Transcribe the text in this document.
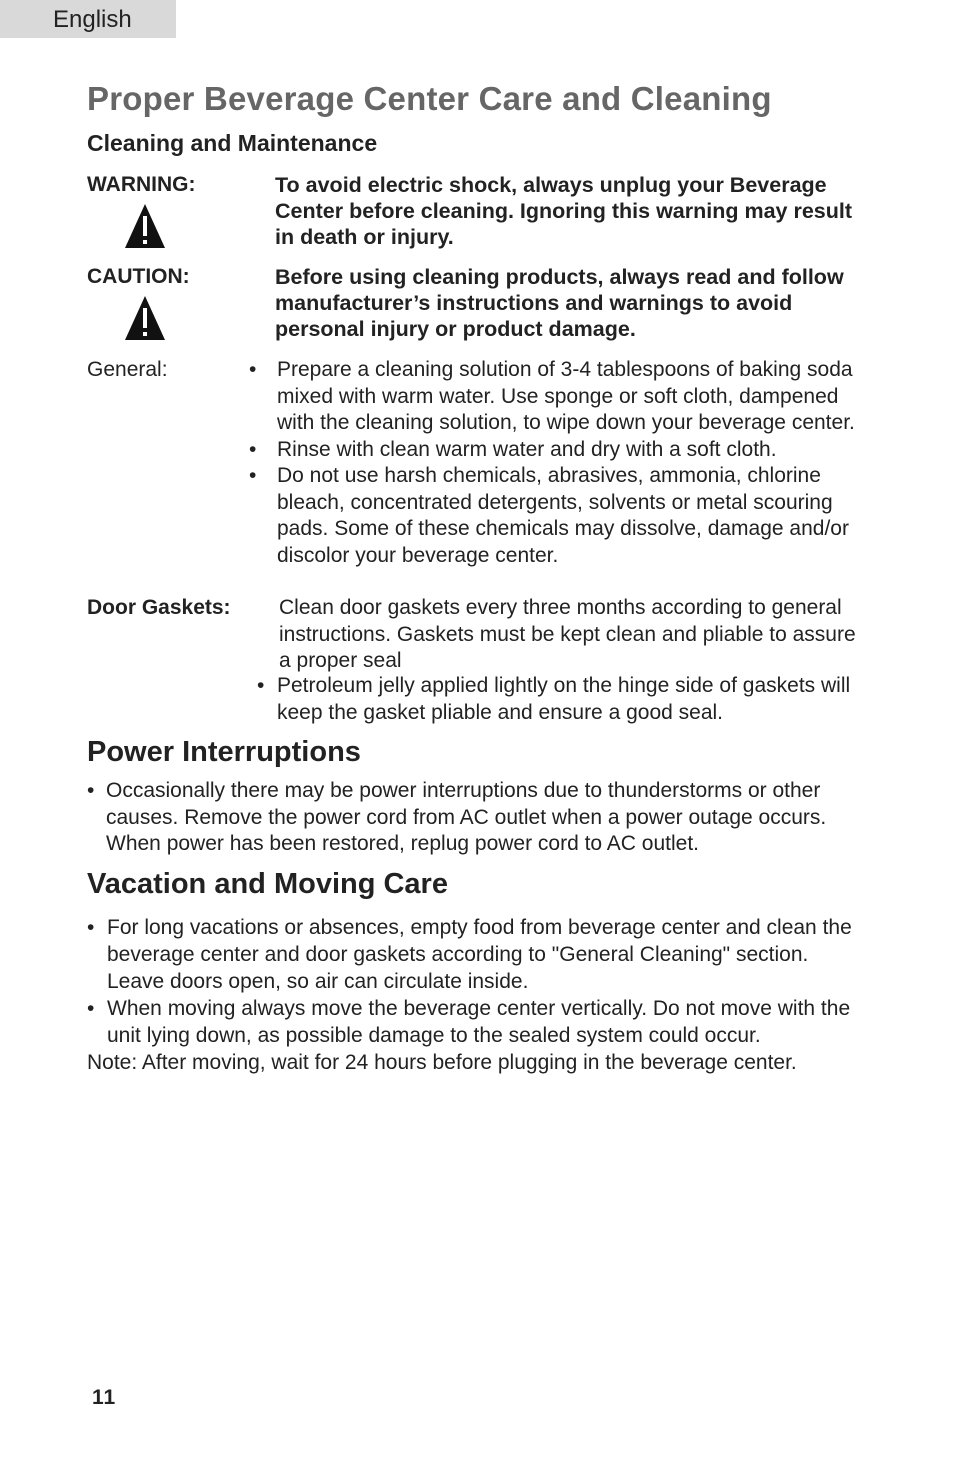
English
Proper Beverage Center Care and Cleaning
Cleaning and Maintenance
WARNING:	To avoid electric shock, always unplug your Beverage Center before cleaning. Ignoring this warning may result in death or injury.

CAUTION:	Before using cleaning products, always read and follow manufacturer’s instructions and warnings to avoid personal injury or product damage.

General:	• Prepare a cleaning solution of 3-4 tablespoons of baking soda mixed with warm water. Use sponge or soft cloth, dampened with the cleaning solution, to wipe down your beverage center.
• Rinse with clean warm water and dry with a soft cloth.
• Do not use harsh chemicals, abrasives, ammonia, chlorine bleach, concentrated detergents, solvents or metal scouring pads. Some of these chemicals may dissolve, damage and/or discolor your beverage center.
Door Gaskets: Clean door gaskets every three months according to general instructions. Gaskets must be kept clean and pliable to assure a proper seal

• Petroleum jelly applied lightly on the hinge side of gaskets will keep the gasket pliable and ensure a good seal.
Power Interruptions
• Occasionally there may be power interruptions due to thunderstorms or other causes. Remove the power cord from AC outlet when a power outage occurs. When power has been restored, replug power cord to AC outlet.
Vacation and Moving Care
• For long vacations or absences, empty food from beverage center and clean the beverage center and door gaskets according to "General Cleaning" section. Leave doors open, so air can circulate inside.
• When moving always move the beverage center vertically. Do not move with the unit lying down, as possible damage to the sealed system could occur.

Note: After moving, wait for 24 hours before plugging in the beverage center.

11
